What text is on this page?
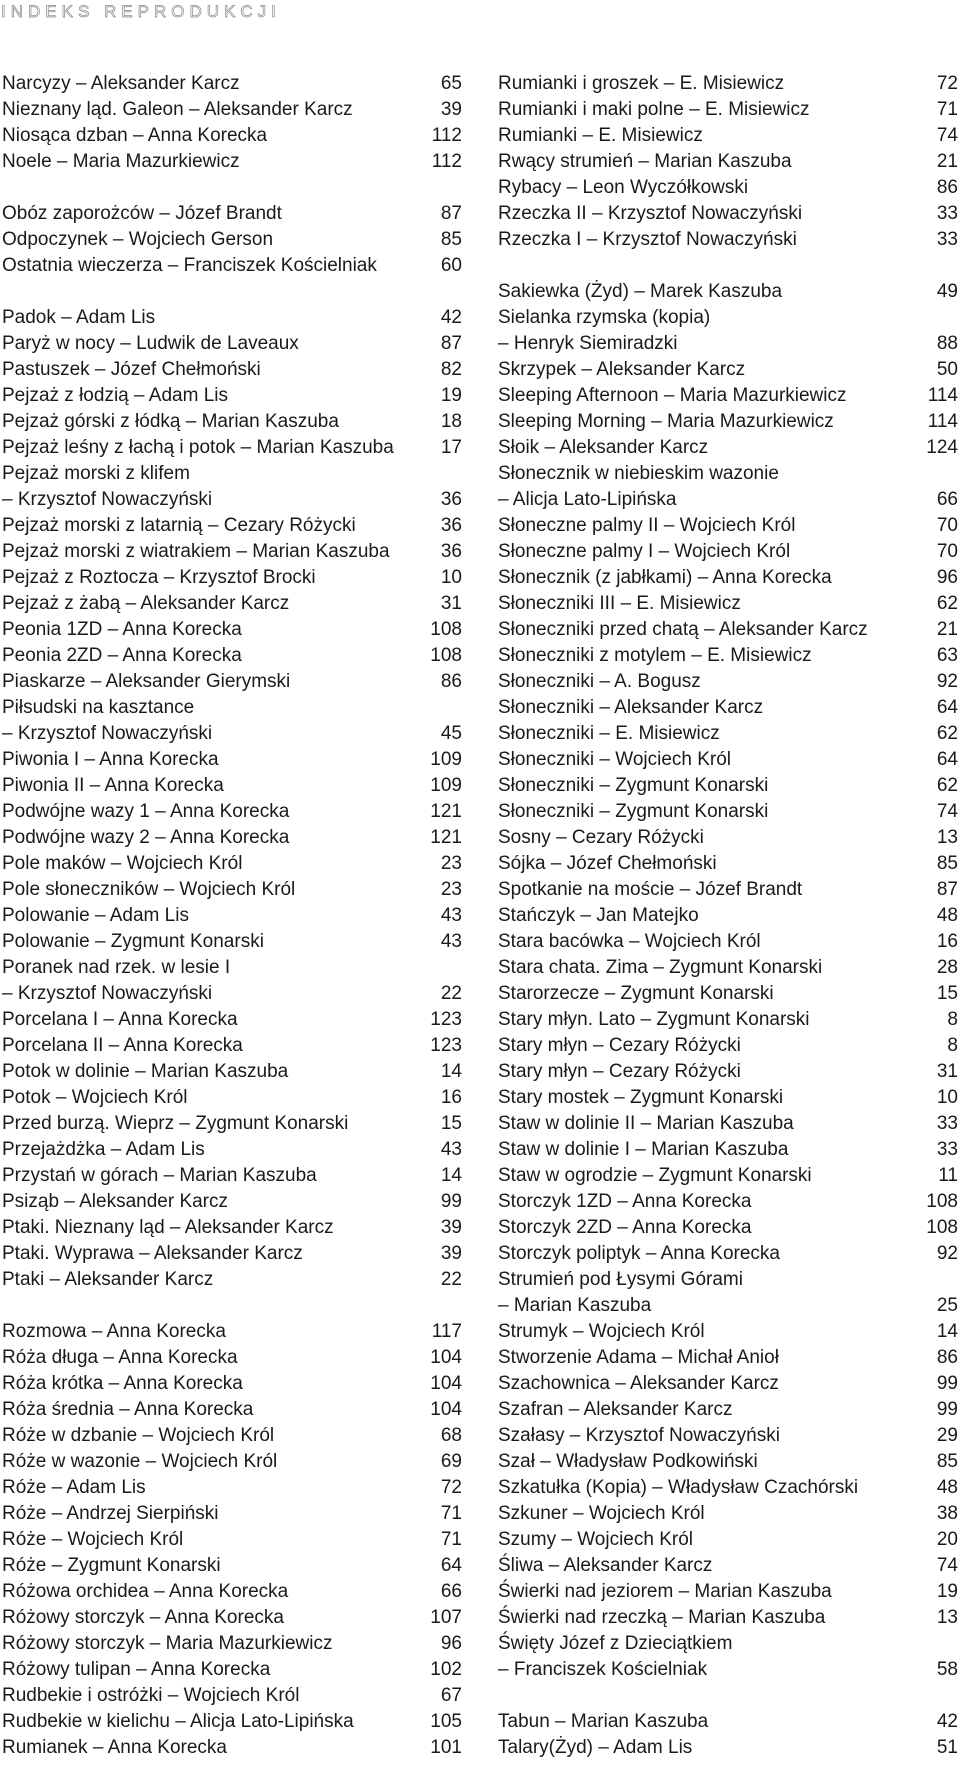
INDEKS REPRODUKCJI
Narcyzy – Aleksander Karcz	65
Nieznany ląd. Galeon – Aleksander Karcz	39
Niosąca dzban – Anna Korecka	112
Noele – Maria Mazurkiewicz	112
Obóz zaporożców – Józef Brandt	87
Odpoczynek – Wojciech Gerson	85
Ostatnia wieczerza – Franciszek Kościelniak	60
Padok – Adam Lis	42
Paryż w nocy – Ludwik de Laveaux	87
Pastuszek – Józef Chełmoński	82
Pejzaż z łodzią – Adam Lis	19
Pejzaż górski z łódką – Marian Kaszuba	18
Pejzaż leśny z łachą i potok – Marian Kaszuba	17
Pejzaż morski z klifem
– Krzysztof Nowaczyński	36
Pejzaż morski z latarnią – Cezary Różycki	36
Pejzaż morski z wiatrakiem – Marian Kaszuba	36
Pejzaż z Roztocza – Krzysztof Brocki	10
Pejzaż z żabą – Aleksander Karcz	31
Peonia 1ZD – Anna Korecka	108
Peonia 2ZD – Anna Korecka	108
Piaskarze – Aleksander Gierymski	86
Piłsudski na kasztance
– Krzysztof Nowaczyński	45
Piwonia I – Anna Korecka	109
Piwonia II – Anna Korecka	109
Podwójne wazy 1 – Anna Korecka	121
Podwójne wazy 2 – Anna Korecka	121
Pole maków – Wojciech Król	23
Pole słoneczników – Wojciech Król	23
Polowanie – Adam Lis	43
Polowanie – Zygmunt Konarski	43
Poranek nad rzek. w lesie I
– Krzysztof Nowaczyński	22
Porcelana I – Anna Korecka	123
Porcelana II – Anna Korecka	123
Potok w dolinie – Marian Kaszuba	14
Potok – Wojciech Król	16
Przed burzą. Wieprz – Zygmunt Konarski	15
Przejażdżka – Adam Lis	43
Przystań w górach – Marian Kaszuba	14
Psiząb – Aleksander Karcz	99
Ptaki. Nieznany ląd – Aleksander Karcz	39
Ptaki. Wyprawa – Aleksander Karcz	39
Ptaki – Aleksander Karcz	22
Rozmowa – Anna Korecka	117
Róża długa – Anna Korecka	104
Róża krótka – Anna Korecka	104
Róża średnia – Anna Korecka	104
Róże w dzbanie – Wojciech Król	68
Róże w wazonie – Wojciech Król	69
Róże – Adam Lis	72
Róże – Andrzej Sierpiński	71
Róże – Wojciech Król	71
Róże – Zygmunt Konarski	64
Różowa orchidea – Anna Korecka	66
Różowy storczyk – Anna Korecka	107
Różowy storczyk – Maria Mazurkiewicz	96
Różowy tulipan – Anna Korecka	102
Rudbekie i ostróżki – Wojciech Król	67
Rudbekie w kielichu – Alicja Lato-Lipińska	105
Rumianek – Anna Korecka	101
Rumianki i groszek – E. Misiewicz	72
Rumianki i maki polne – E. Misiewicz	71
Rumianki – E. Misiewicz	74
Rwący strumień – Marian Kaszuba	21
Rybacy – Leon Wyczółkowski	86
Rzeczka II – Krzysztof Nowaczyński	33
Rzeczka I – Krzysztof Nowaczyński	33
Sakiewka (Żyd) – Marek Kaszuba	49
Sielanka rzymska (kopia)
– Henryk Siemiradzki	88
Skrzypek – Aleksander Karcz	50
Sleeping Afternoon – Maria Mazurkiewicz	114
Sleeping Morning – Maria Mazurkiewicz	114
Słoik – Aleksander Karcz	124
Słonecznik w niebieskim wazonie
– Alicja Lato-Lipińska	66
Słoneczne palmy II – Wojciech Król	70
Słoneczne palmy I – Wojciech Król	70
Słonecznik (z jabłkami) – Anna Korecka	96
Słoneczniki III – E. Misiewicz	62
Słoneczniki przed chatą – Aleksander Karcz	21
Słoneczniki z motylem – E. Misiewicz	63
Słoneczniki – A. Bogusz	92
Słoneczniki – Aleksander Karcz	64
Słoneczniki – E. Misiewicz	62
Słoneczniki – Wojciech Król	64
Słoneczniki – Zygmunt Konarski	62
Słoneczniki – Zygmunt Konarski	74
Sosny – Cezary Różycki	13
Sójka – Józef Chełmoński	85
Spotkanie na moście – Józef Brandt	87
Stańczyk – Jan Matejko	48
Stara bacówka – Wojciech Król	16
Stara chata. Zima – Zygmunt Konarski	28
Starorzecze – Zygmunt Konarski	15
Stary młyn. Lato – Zygmunt Konarski	8
Stary młyn – Cezary Różycki	8
Stary młyn – Cezary Różycki	31
Stary mostek – Zygmunt Konarski	10
Staw w dolinie II – Marian Kaszuba	33
Staw w dolinie I – Marian Kaszuba	33
Staw w ogrodzie – Zygmunt Konarski	11
Storczyk 1ZD – Anna Korecka	108
Storczyk 2ZD – Anna Korecka	108
Storczyk poliptyk – Anna Korecka	92
Strumień pod Łysymi Górami
– Marian Kaszuba	25
Strumyk – Wojciech Król	14
Stworzenie Adama – Michał Anioł	86
Szachownica – Aleksander Karcz	99
Szafran – Aleksander Karcz	99
Szałasy – Krzysztof Nowaczyński	29
Szał – Władysław Podkowiński	85
Szkatułka (Kopia) – Władysław Czachórski	48
Szkuner – Wojciech Król	38
Szumy – Wojciech Król	20
Śliwa – Aleksander Karcz	74
Świerki nad jeziorem – Marian Kaszuba	19
Świerki nad rzeczką – Marian Kaszuba	13
Święty Józef z Dzieciątkiem
– Franciszek Kościelniak	58
Tabun – Marian Kaszuba	42
Talary(Żyd) – Adam Lis	51
